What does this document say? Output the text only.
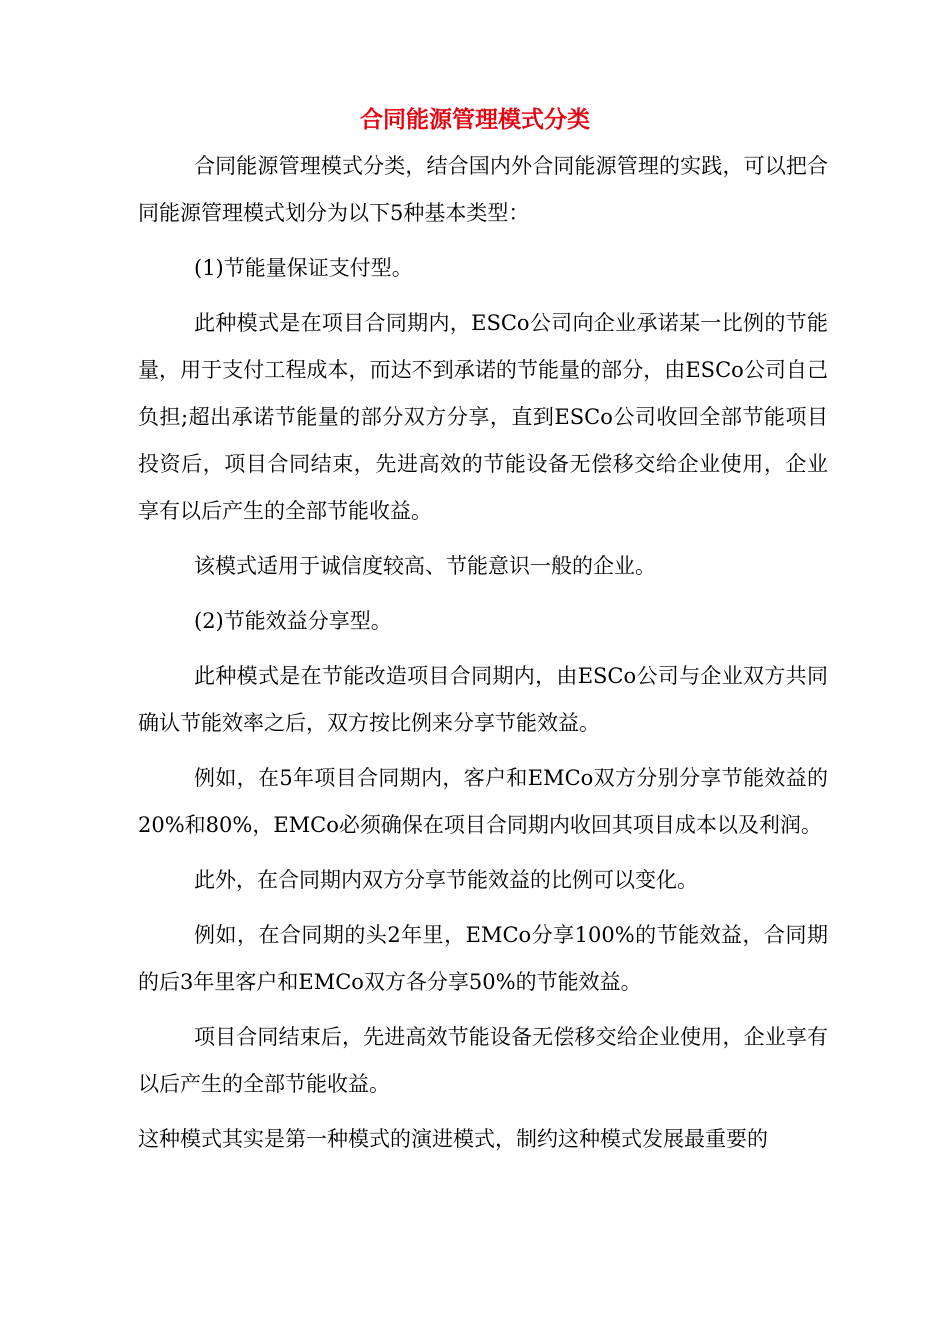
合同能源管理模式分类

合同能源管理模式分类，结合国内外合同能源管理的实践，可以把合同能源管理模式划分为以下5种基本类型：

(1)节能量保证支付型。

此种模式是在项目合同期内，ESCo公司向企业承诺某一比例的节能量，用于支付工程成本，而达不到承诺的节能量的部分，由ESCo公司自己负担;超出承诺节能量的部分双方分享，直到ESCo公司收回全部节能项目投资后，项目合同结束，先进高效的节能设备无偿移交给企业使用，企业享有以后产生的全部节能收益。

该模式适用于诚信度较高、节能意识一般的企业。

(2)节能效益分享型。

此种模式是在节能改造项目合同期内，由ESCo公司与企业双方共同确认节能效率之后，双方按比例来分享节能效益。

例如，在5年项目合同期内，客户和EMCo双方分别分享节能效益的20%和80%，EMCo必须确保在项目合同期内收回其项目成本以及利润。

此外，在合同期内双方分享节能效益的比例可以变化。

例如，在合同期的头2年里，EMCo分享100%的节能效益，合同期的后3年里客户和EMCo双方各分享50%的节能效益。

项目合同结束后，先进高效节能设备无偿移交给企业使用，企业享有以后产生的全部节能收益。

这种模式其实是第一种模式的演进模式，制约这种模式发展最重要的
